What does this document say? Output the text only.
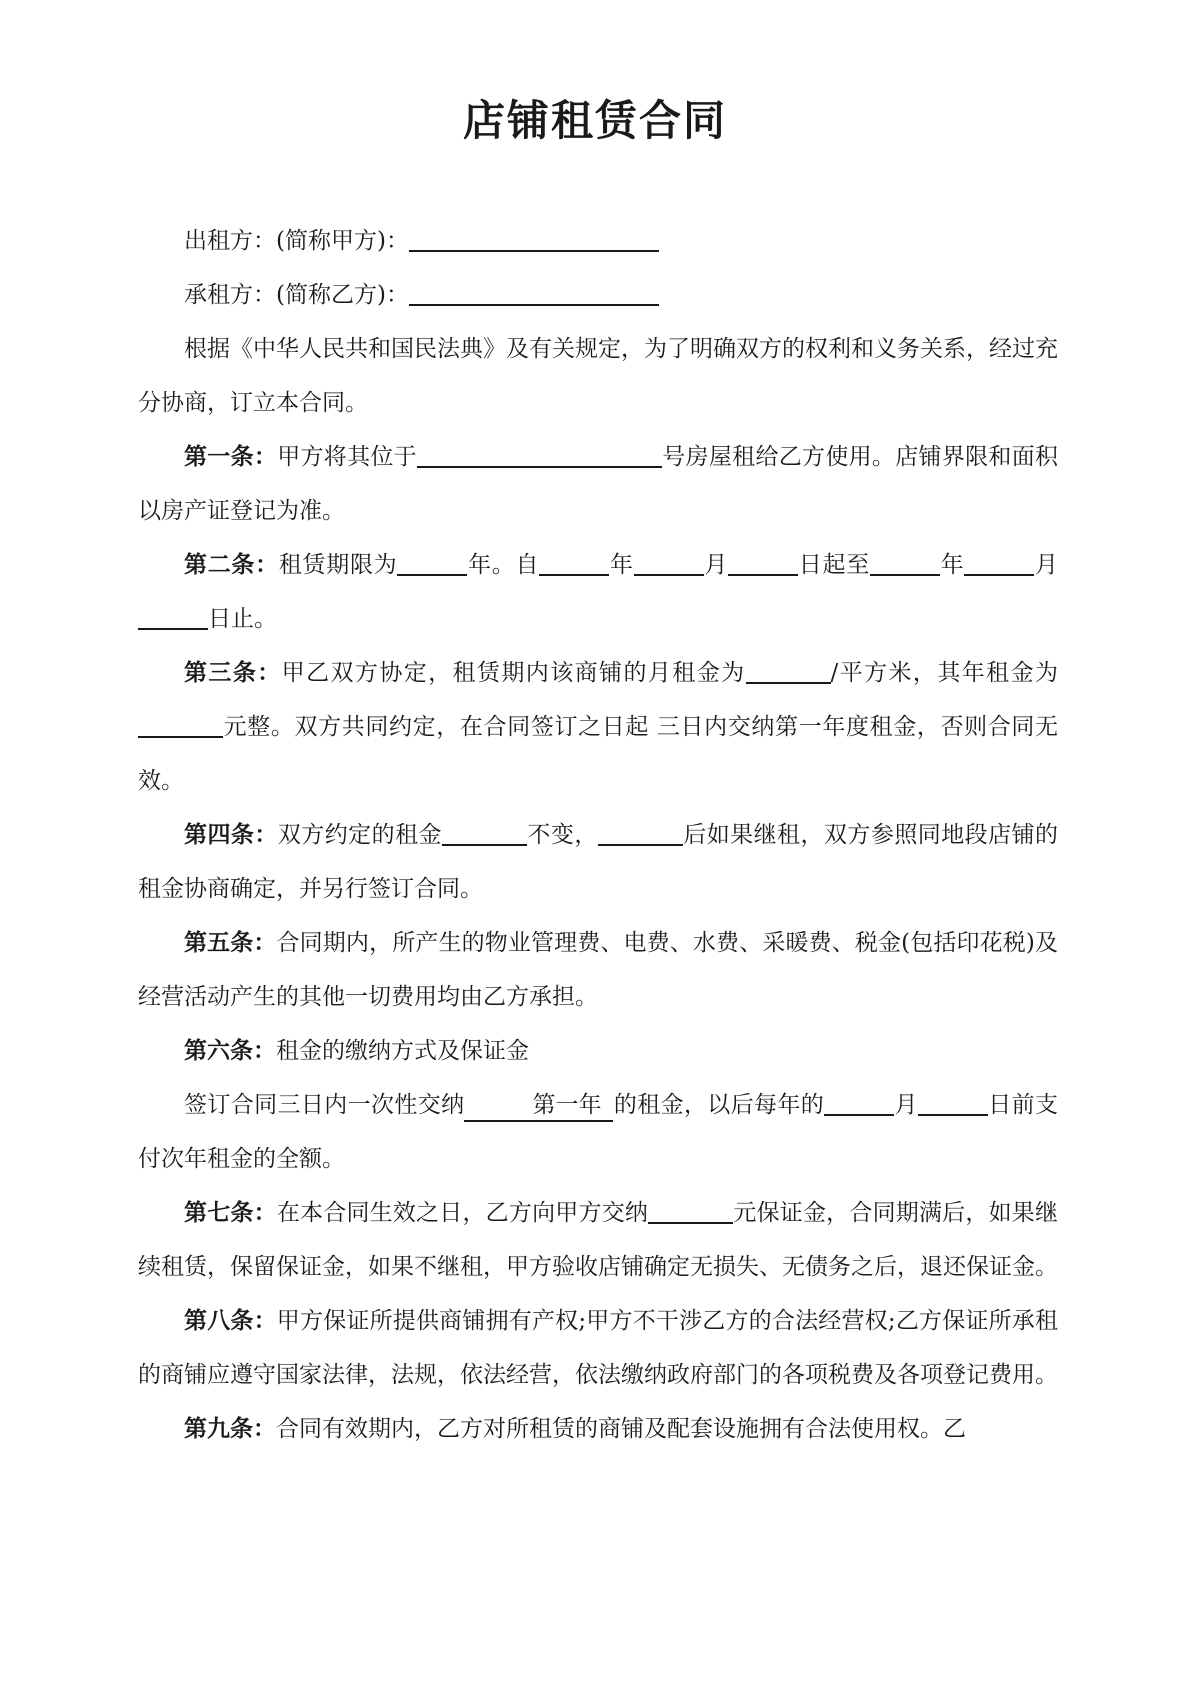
店铺租赁合同

出租方：(简称甲方)：

承租方：(简称乙方)：

根据《中华人民共和国民法典》及有关规定，为了明确双方的权利和义务关系，经过充分协商，订立本合同。

第一条：甲方将其位于	号房屋租给乙方使用。店铺界限和面积以房产证登记为准。

第二条：租赁期限为	年。自	年	月	日起至	年	月日止。

第三条：甲乙双方协定，租赁期内该商铺的月租金为	/平方米，其年租金为元整。双方共同约定，在合同签订之日起 三日内交纳第一年度租金，否则合同无效。

第四条：双方约定的租金	不变，	后如果继租，双方参照同地段店铺的租金协商确定，并另行签订合同。

第五条：合同期内，所产生的物业管理费、电费、水费、采暖费、税金(包括印花税)及经营活动产生的其他一切费用均由乙方承担。

第六条：租金的缴纳方式及保证金

签订合同三日内一次性交纳	第一年 的租金，以后每年的	月	日前支付次年租金的全额。

第七条：在本合同生效之日，乙方向甲方交纳	元保证金，合同期满后，如果继续租赁，保留保证金，如果不继租，甲方验收店铺确定无损失、无债务之后，退还保证金。

第八条：甲方保证所提供商铺拥有产权;甲方不干涉乙方的合法经营权;乙方保证所承租的商铺应遵守国家法律，法规，依法经营，依法缴纳政府部门的各项税费及各项登记费用。

第九条：合同有效期内，乙方对所租赁的商铺及配套设施拥有合法使用权。乙
